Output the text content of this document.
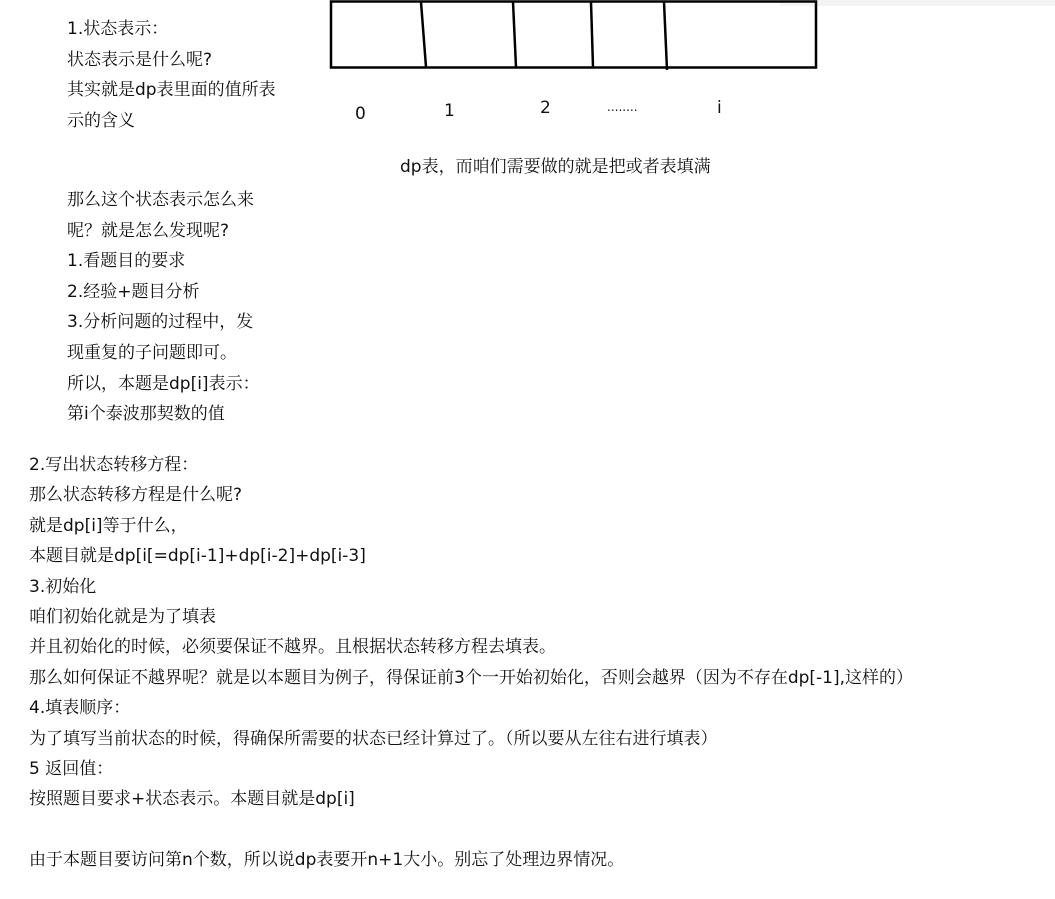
1.状态表示：
状态表示是什么呢?
其实就是dp表里面的值所表
示的含义	0	1	2	........	i
dp表，而咱们需要做的就是把或者表填满
那么这个状态表示怎么来
呢？就是怎么发现呢?
1.看题目的要求
2.经验+题目分析
3.分析问题的过程中，发
现重复的子问题即可。
所以，本题是dp[i]表示：
第i个泰波那契数的值
2.写出状态转移方程：
那么状态转移方程是什么呢?
就是dp[i]等于什么，
本题目就是dp[i[=dp[i-1]+dp[i-2]+dp[i-3]
3.初始化
咱们初始化就是为了填表
并且初始化的时候，必须要保证不越界。且根据状态转移方程去填表。
那么如何保证不越界呢？就是以本题目为例子，得保证前3个一开始初始化，否则会越界（因为不存在dp[-1],这样的）
4.填表顺序：
为了填写当前状态的时候，得确保所需要的状态已经计算过了。（所以要从左往右进行填表）
5 返回值：
按照题目要求+状态表示。本题目就是dp[i]
由于本题目要访问第n个数，所以说dp表要开n+1大小。别忘了处理边界情况。
